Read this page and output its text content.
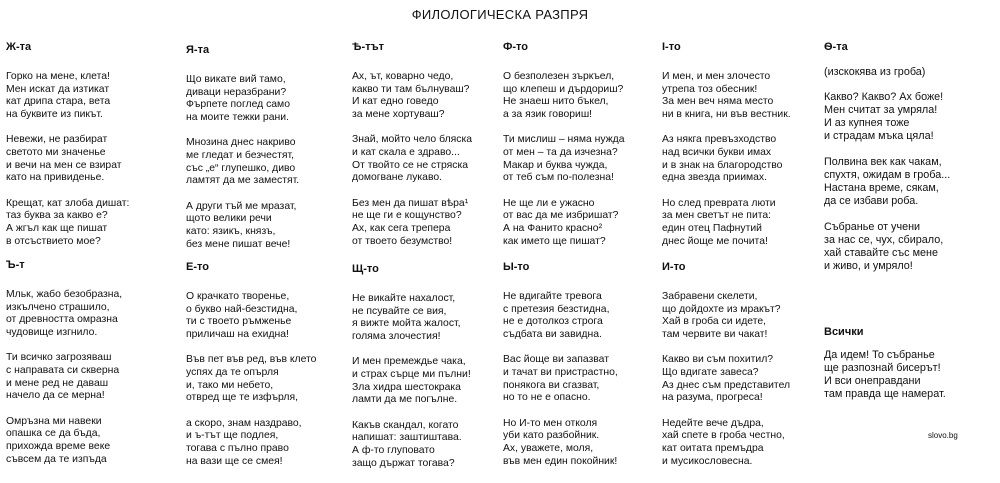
ФИЛОЛОГИЧЕСКА РАЗПРЯ
Ж-та
Горко на мене, клета!
Мен искат да изтикат
кат дрипа стара, вета
на буквите из пикът.
Невежи, не разбират
светото ми значенье
и вечи на мен се взират
като на привиденье.
Крещат, кат злоба дишат:
таз буква за какво е?
А жгъл как ще пишат
в отсъствието мое?
Я-та
Що викате вий тамо,
диваци неразбрани?
Фърпете поглед само
на моите тежки рани.
Мнозина днес накриво
ме гледат и безчестят,
със „е“ глупешко, диво
ламтят да ме заместят.
А други тъй ме мразат,
щото велики речи
като: язикъ, князъ,
без мене пишат вече!
Ѣ-тът
Ах, ът, коварно чедо,
какво ти там бълнуваш?
И кат едно говедо
за мене хортуваш?
Знай, мойто чело бляска
и кат скала е здраво...
От твойто се не стряска
домогване лукаво.
Без мен да пишат вѣра¹
не ще ги е кощунство?
Ах, как сега трепера
от твоето безумство!
Ф-то
О безполезен зъркъел,
що клепеш и дърдориш?
Не знаеш нито бъкел,
а за язик говориш!
Ти мислиш – няма нужда
от мен – та да изчезна?
Макар и буква чужда,
от теб съм по-полезна!
Не ще ли е ужасно
от вас да ме избришат?
А на Фанито красно²
как името ще пишат?
І-то
И мен, и мен злочесто
утрепа тоз обесник!
За мен веч няма место
ни в книга, ни във вестник.
Аз някга превъзходство
над всички букви имах
и в знак на благородство
една звезда приимах.
Но след превратa люти
за мен светът не пита:
един отец Пафнутий
днес йоще ме почита!
Ѳ-та
(изскокява из гроба)
Какво? Какво? Ах боже!
Мен считат за умряла!
И аз купнея тоже
и страдам мъка цяла!
Полвина век как чакам,
спухтя, ожидам в гроба...
Настана време, сякам,
да се избави роба.
Събраньe от учени
за нас се, чух, сбирало,
хай ставайте със мене
и живо, и умряло!
Ъ-т
Мльк, жабо безобразна,
изкълчено страшило,
от древността омразна
чудовище изгнило.
Ти всичко загрозяваш
с направата си скверна
и мене ред не даваш
начело да се мерна!
Омръзна ми навеки
опашка се да бъда,
прихожда време веке
съвсем да те изпъда
Е-то
О крачкато творенье,
о буквo най-безстидна,
ти с твоето ръмженье
приличаш на ехидна!
Във пет във ред, във клето
успях да те опърля
и, тако ми небето,
отвред ще те изфърля,
а скоро, знам наздраво,
и ъ-тът ще подлея,
тогава с пълно право
на вази ще се смея!
Щ-то
Не викайте нахалост,
не псувайте се вия,
я вижте мойта жалост,
голяма злочестия!
И мен премеждье чака,
и страх сърце ми пълни!
Зла хидра шестокрака
ламти да ме погълне.
Какъв скандал, когато
напишат: заштиштава.
А ф-то глуповато
защо държат тогава?
Ы-то
Не вдигайте тревога
с претезия безстидна,
не е дотолкоз строга
съдбата ви завидна.
Вас йоще ви запазват
и тачат ви пристрастно,
понякога ви сгазват,
но то не е опасно.
Но И-то мен отколя
уби като разбойник.
Ах, уважете, моля,
във мен един покойник!
И-то
Забравени скелети,
що дойдохте из мракът?
Хай в гроба си идете,
там червите ви чакат!
Какво ви съм похитил?
Що вдигате завеса?
Аз днес съм представител
на разума, прогреса!
Недейте вече дъдра,
хай спете в гроба честно,
кат оитата премъдра
и мусикословесна.
Всички
Да идем! То събранье
ще разпознай бисерът!
И вси онеправдани
там правда ще намерат.
slovo.bg
